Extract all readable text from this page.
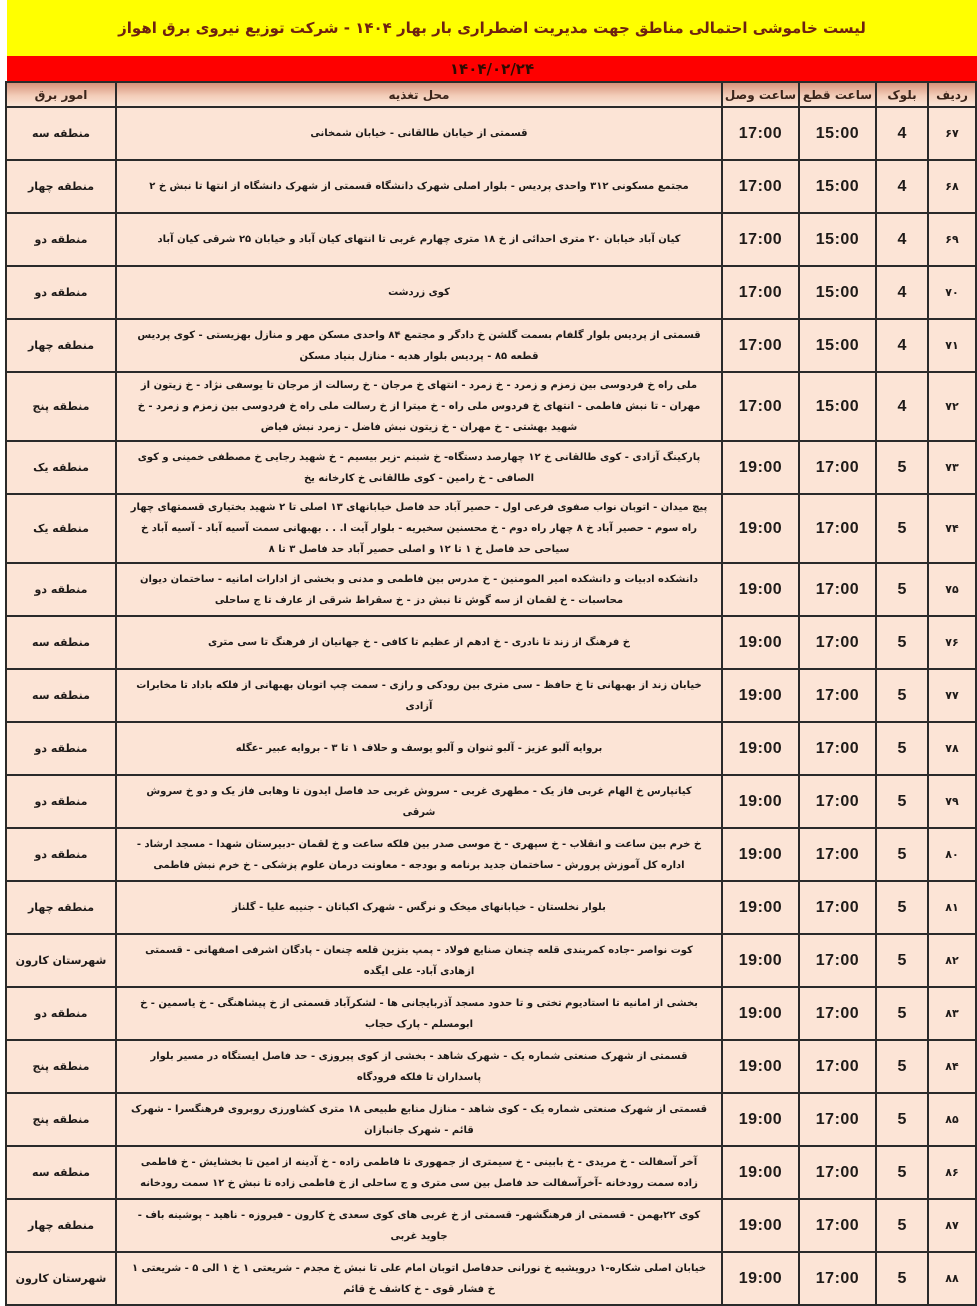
لیست خاموشی احتمالی مناطق جهت مدیریت اضطراری بار بهار ۱۴۰۴ - شرکت توزیع نیروی برق اهواز
۱۴۰۴/۰۲/۲۴
ردیف	بلوک	ساعت قطع	ساعت وصل	محل تغذیه	امور برق
۶۷	4	15:00	17:00	قسمتی از خیابان طالقانی - خیابان شمخانی	منطقه سه
۶۸	4	15:00	17:00	مجتمع مسکونی ۳۱۲ واحدی پردیس - بلوار اصلی شهرک دانشگاه قسمتی از شهرک دانشگاه از انتها تا نبش خ ۲	منطقه چهار
۶۹	4	15:00	17:00	کیان آباد خیابان ۲۰ متری احدائی از خ ۱۸ متری چهارم غربی تا انتهای کیان آباد و خیابان ۲۵ شرقی کیان آباد	منطقه دو
۷۰	4	15:00	17:00	کوی زردشت	منطقه دو
۷۱	4	15:00	17:00	قسمتی از پردیس بلوار گلفام بسمت گلشن خ دادگر و مجتمع ۸۴ واحدی مسکن مهر و منازل بهزیستی - کوی پردیس قطعه ۸۵ - پردیس بلوار هدیه - منازل بنیاد مسکن	منطقه چهار
۷۲	4	15:00	17:00	ملی راه خ فردوسی بین زمزم و زمرد - خ زمرد - انتهای خ مرجان - خ رسالت از مرجان تا یوسفی نژاد - خ زیتون از مهران - تا نبش فاطمی - انتهای خ فردوس ملی راه - خ میترا از خ رسالت ملی راه خ فردوسی بین زمزم و زمرد - خ شهید بهشتی - خ مهران - خ زیتون نبش فاضل - زمرد نبش فیاض	منطقه پنج
۷۳	5	17:00	19:00	پارکینگ آزادی - کوی طالقانی خ ۱۲ چهارصد دستگاه- خ شبنم -زیر بیسیم - خ شهید رجایی خ مصطفی خمینی و کوی الصافی - خ رامین - کوی طالقانی خ کارخانه یخ	منطقه یک
۷۴	5	17:00	19:00	پیچ میدان - اتوبان نواب صفوی فرعی اول - حصیر آباد حد فاصل خیابانهای ۱۳ اصلی تا ۲ شهید بختیاری قسمتهای چهار راه سوم - حصیر آباد خ ۸ چهار راه دوم - خ محسنین سخیریه - بلوار آیت ا. . . بهبهانی سمت آسیه آباد - آسیه آباد خ سیاحی حد فاصل خ ۱ تا ۱۲ و اصلی حصیر آباد حد فاصل ۳ تا ۸	منطقه یک
۷۵	5	17:00	19:00	دانشکده ادبیات و دانشکده امیر المومنین - خ مدرس بین فاطمی و مدنی و بخشی از ادارات امانیه - ساختمان دیوان محاسبات - خ لقمان از سه گوش تا نبش دز - خ سقراط شرقی از عارف تا ج ساحلی	منطقه دو
۷۶	5	17:00	19:00	خ فرهنگ از زند تا نادری - خ ادهم از عظیم تا کافی - خ جهانیان از فرهنگ تا سی متری	منطقه سه
۷۷	5	17:00	19:00	خیابان زند از بهبهانی تا خ حافظ - سی متری بین رودکی و رازی - سمت چپ اتوبان بهبهانی از فلکه باداد تا مخابرات آزادی	منطقه سه
۷۸	5	17:00	19:00	بروایه آلبو عزیز - آلبو ثنوان و آلبو یوسف و حلاف ۱ تا ۳ - بروایه عبیر -عگله	منطقه دو
۷۹	5	17:00	19:00	کیانپارس خ الهام غربی فاز یک - مطهری غربی - سروش غربی حد فاصل ایدون تا وهابی فاز یک و دو خ سروش شرقی	منطقه دو
۸۰	5	17:00	19:00	خ خرم بین ساعت و انقلاب - خ سپهری - خ موسی صدر بین فلکه ساعت و خ لقمان -دبیرستان شهدا - مسجد ارشاد - اداره کل آموزش پرورش - ساختمان جدید برنامه و بودجه - معاونت درمان علوم پزشکی - خ خرم نبش فاطمی	منطقه دو
۸۱	5	17:00	19:00	بلوار نخلستان - خیابانهای میخک و نرگس - شهرک اکباتان - جنیبه علیا - گلناز	منطقه چهار
۸۲	5	17:00	19:00	کوت نواصر -جاده کمربندی قلعه چنعان صنایع فولاد - پمپ بنزین قلعه چنعان - پادگان اشرفی اصفهانی - قسمتی ازهادی آباد- علی ایگده	شهرستان کارون
۸۳	5	17:00	19:00	بخشی از امانیه تا استادیوم تختی و تا حدود مسجد آذربایجانی ها - لشکرآباد قسمتی از خ پیشاهنگی - خ یاسمین - خ ابومسلم - پارک حجاب	منطقه دو
۸۴	5	17:00	19:00	قسمتی از شهرک صنعتی شماره یک - شهرک شاهد - بخشی از کوی پیروزی - حد فاصل ایستگاه در مسیر بلوار پاسداران تا فلکه فرودگاه	منطقه پنج
۸۵	5	17:00	19:00	قسمتی از شهرک صنعتی شماره یک - کوی شاهد - منازل منابع طبیعی ۱۸ متری کشاورزی روبروی فرهنگسرا - شهرک قائم - شهرک جانبازان	منطقه پنج
۸۶	5	17:00	19:00	آخر آسفالت - خ مریدی - خ بابینی - خ سیمتری از جمهوری تا فاطمی زاده - خ آدینه از امین تا بخشایش - خ فاطمی زاده سمت رودخانه -آخرآسفالت حد فاصل بین سی متری و ج ساحلی از خ فاطمی زاده تا نبش خ ۱۲ سمت رودخانه	منطقه سه
۸۷	5	17:00	19:00	کوی ۲۲بهمن - قسمتی از فرهنگشهر- قسمتی از خ غربی های کوی سعدی خ کارون - فیروزه - ناهید - پوشینه باف - جاوید غربی	منطقه چهار
۸۸	5	17:00	19:00	خیابان اصلی شکاره-۱ درویشیه خ نورانی حدفاصل اتوبان امام علی تا نبش خ مجدم - شریعتی ۱ خ ۱ الی ۵ - شریعتی ۱ خ فشار قوی - خ کاشف خ قائم	شهرستان کارون
